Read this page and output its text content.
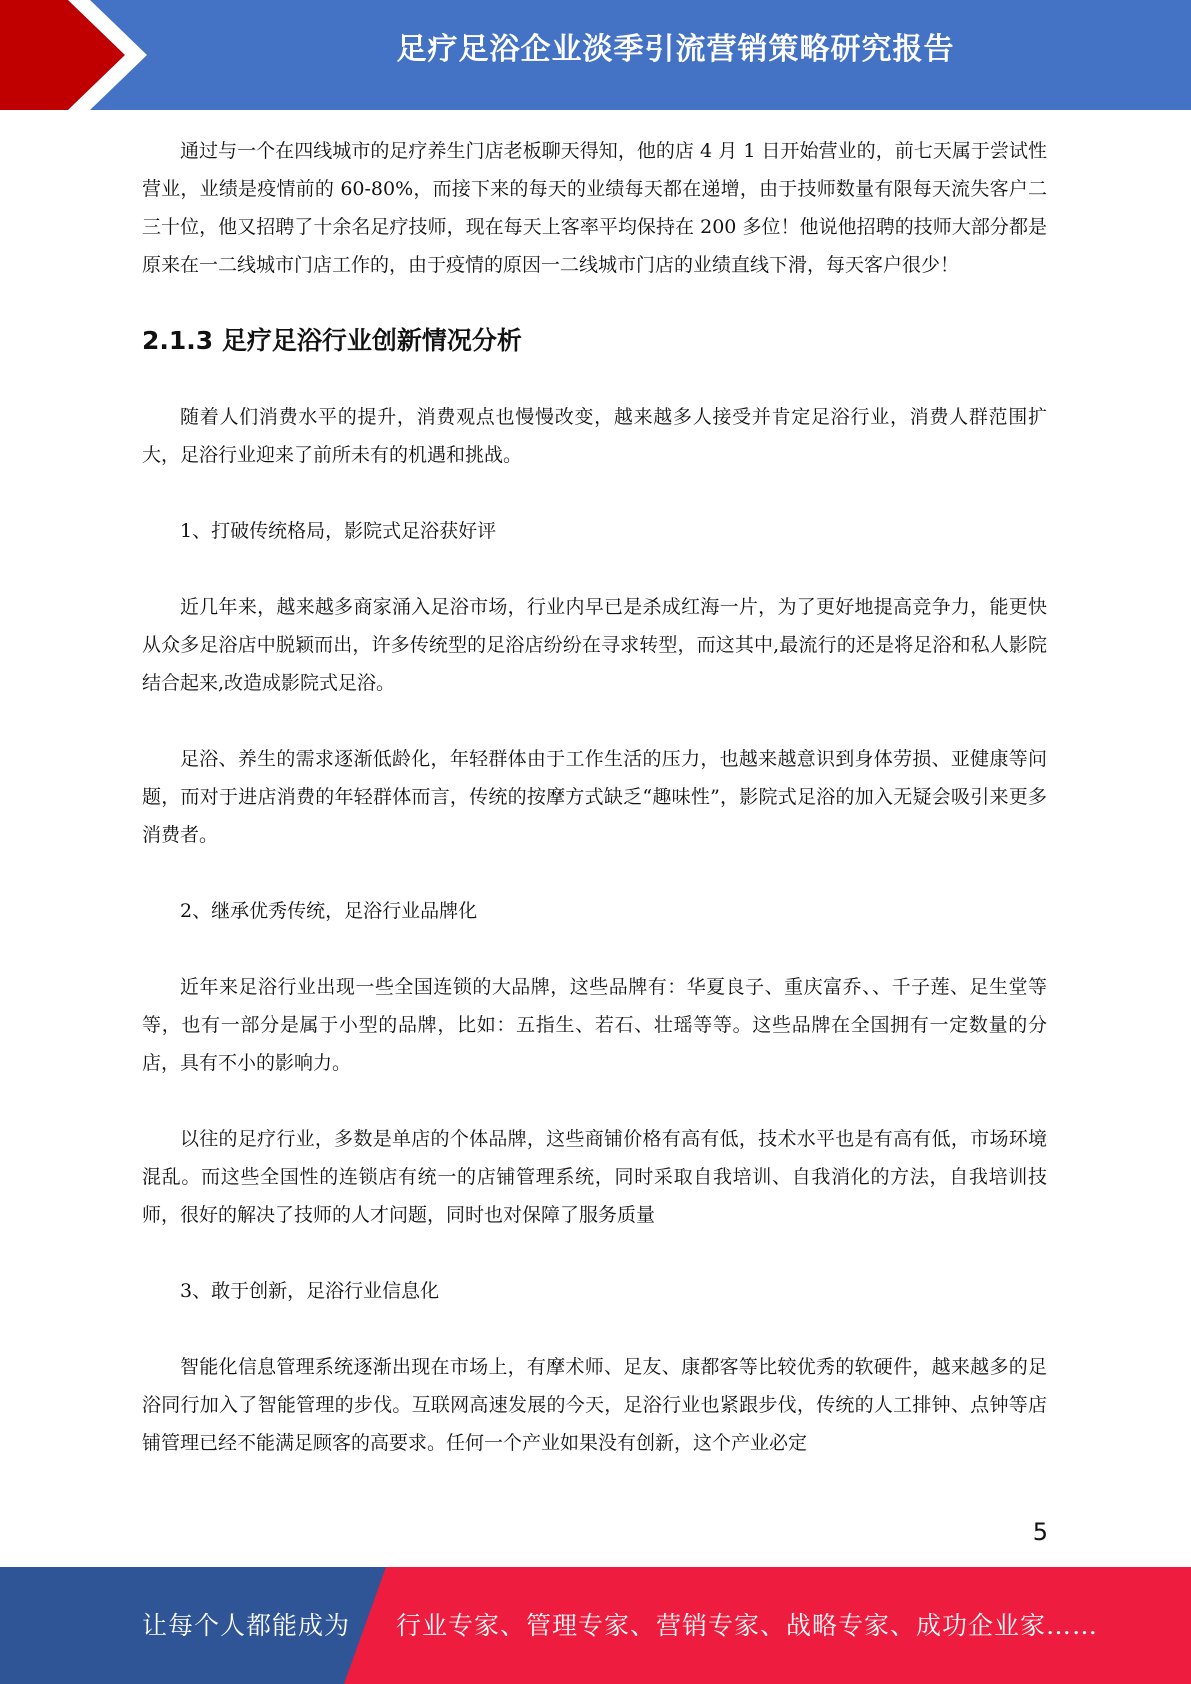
足疗足浴企业淡季引流营销策略研究报告

通过与一个在四线城市的足疗养生门店老板聊天得知，他的店 4 月 1 日开始营业的，前七天属于尝试性营业，业绩是疫情前的 60-80%，而接下来的每天的业绩每天都在递增，由于技师数量有限每天流失客户二三十位，他又招聘了十余名足疗技师，现在每天上客率平均保持在 200 多位！他说他招聘的技师大部分都是原来在一二线城市门店工作的，由于疫情的原因一二线城市门店的业绩直线下滑，每天客户很少！

2.1.3 足疗足浴行业创新情况分析

随着人们消费水平的提升，消费观点也慢慢改变，越来越多人接受并肯定足浴行业，消费人群范围扩大，足浴行业迎来了前所未有的机遇和挑战。

1、打破传统格局，影院式足浴获好评

近几年来，越来越多商家涌入足浴市场，行业内早已是杀成红海一片，为了更好地提高竞争力，能更快从众多足浴店中脱颖而出，许多传统型的足浴店纷纷在寻求转型，而这其中,最流行的还是将足浴和私人影院结合起来,改造成影院式足浴。

足浴、养生的需求逐渐低龄化，年轻群体由于工作生活的压力，也越来越意识到身体劳损、亚健康等问题，而对于进店消费的年轻群体而言，传统的按摩方式缺乏“趣味性”，影院式足浴的加入无疑会吸引来更多消费者。

2、继承优秀传统，足浴行业品牌化

近年来足浴行业出现一些全国连锁的大品牌，这些品牌有：华夏良子、重庆富乔、、千子莲、足生堂等等，也有一部分是属于小型的品牌，比如：五指生、若石、壮瑶等等。这些品牌在全国拥有一定数量的分店，具有不小的影响力。

以往的足疗行业，多数是单店的个体品牌，这些商铺价格有高有低，技术水平也是有高有低，市场环境混乱。而这些全国性的连锁店有统一的店铺管理系统，同时采取自我培训、自我消化的方法，自我培训技师，很好的解决了技师的人才问题，同时也对保障了服务质量

3、敢于创新，足浴行业信息化

智能化信息管理系统逐渐出现在市场上，有摩术师、足友、康都客等比较优秀的软硬件，越来越多的足浴同行加入了智能管理的步伐。互联网高速发展的今天，足浴行业也紧跟步伐，传统的人工排钟、点钟等店铺管理已经不能满足顾客的高要求。任何一个产业如果没有创新，这个产业必定

5
让每个人都能成为 行业专家、管理专家、营销专家、战略专家、成功企业家……
